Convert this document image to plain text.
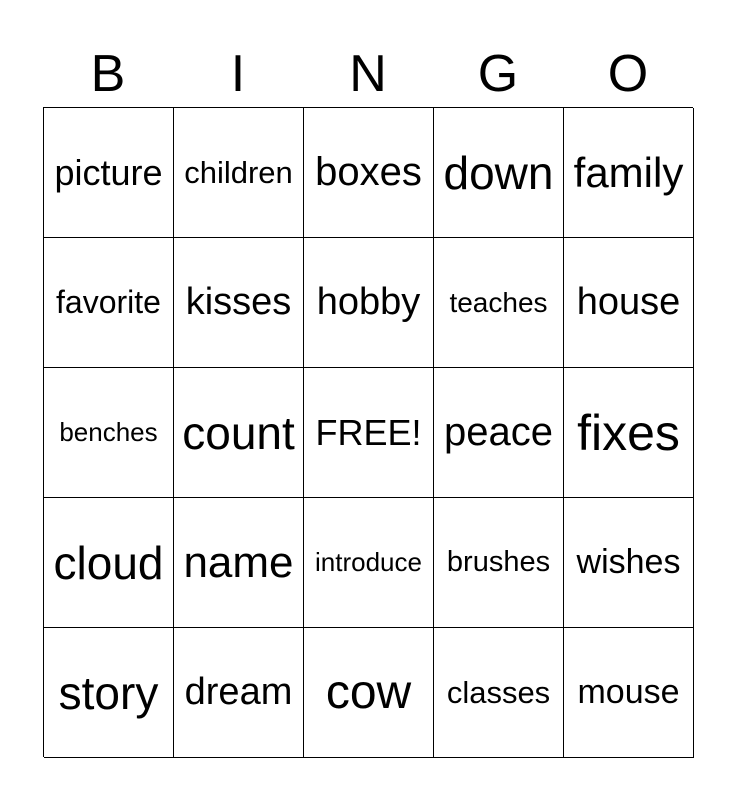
B	I	N	G	O
picture children boxes down family
favorite kisses hobby teaches house
benches count FREE! peace fixes
cloud name introduce brushes wishes
story dream cow classes mouse
